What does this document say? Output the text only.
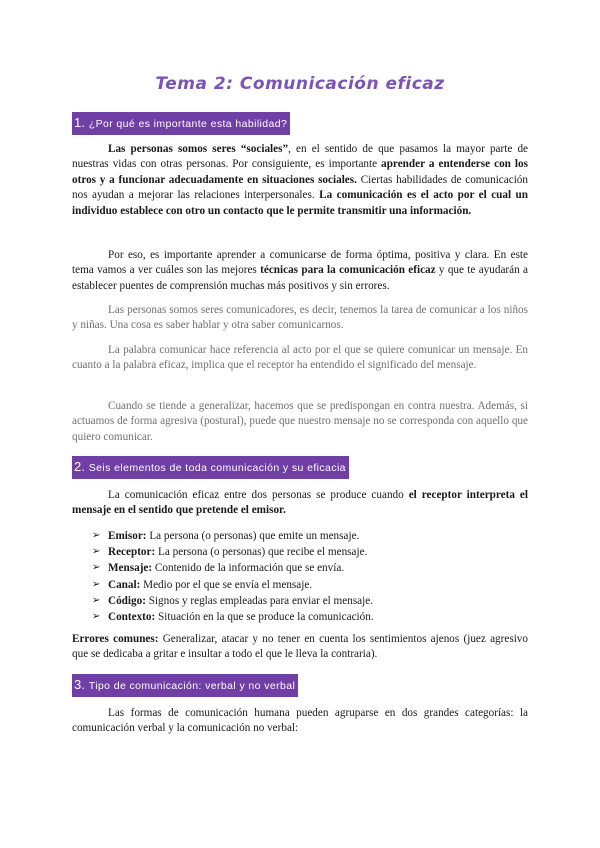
Tema 2: Comunicación eficaz
1. ¿Por qué es importante esta habilidad?

Las personas somos seres “sociales”, en el sentido de que pasamos la mayor parte de nuestras vidas con otras personas. Por consiguiente, es importante aprender a entenderse con los otros y a funcionar adecuadamente en situaciones sociales. Ciertas habilidades de comunicación nos ayudan a mejorar las relaciones interpersonales. La comunicación es el acto por el cual un individuo establece con otro un contacto que le permite transmitir una información.

Por eso, es importante aprender a comunicarse de forma óptima, positiva y clara. En este tema vamos a ver cuáles son las mejores técnicas para la comunicación eficaz y que te ayudarán a establecer puentes de comprensión muchas más positivos y sin errores.

Las personas somos seres comunicadores, es decir, tenemos la tarea de comunicar a los niños y niñas. Una cosa es saber hablar y otra saber comunicarnos.

La palabra comunicar hace referencia al acto por el que se quiere comunicar un mensaje. En cuanto a la palabra eficaz, implica que el receptor ha entendido el significado del mensaje.

Cuando se tiende a generalizar, hacemos que se predispongan en contra nuestra. Además, si actuamos de forma agresiva (postural), puede que nuestro mensaje no se corresponda con aquello que quiero comunicar.

2. Seis elementos de toda comunicación y su eficacia

La comunicación eficaz entre dos personas se produce cuando el receptor interpreta el mensaje en el sentido que pretende el emisor.

➢ Emisor: La persona (o personas) que emite un mensaje.
➢ Receptor: La persona (o personas) que recibe el mensaje.
➢ Mensaje: Contenido de la información que se envía.
➢ Canal: Medio por el que se envía el mensaje.
➢ Código: Signos y reglas empleadas para enviar el mensaje.
➢ Contexto: Situación en la que se produce la comunicación.

Errores comunes: Generalizar, atacar y no tener en cuenta los sentimientos ajenos (juez agresivo que se dedicaba a gritar e insultar a todo el que le lleva la contraria).

3. Tipo de comunicación: verbal y no verbal

Las formas de comunicación humana pueden agruparse en dos grandes categorías: la comunicación verbal y la comunicación no verbal:
